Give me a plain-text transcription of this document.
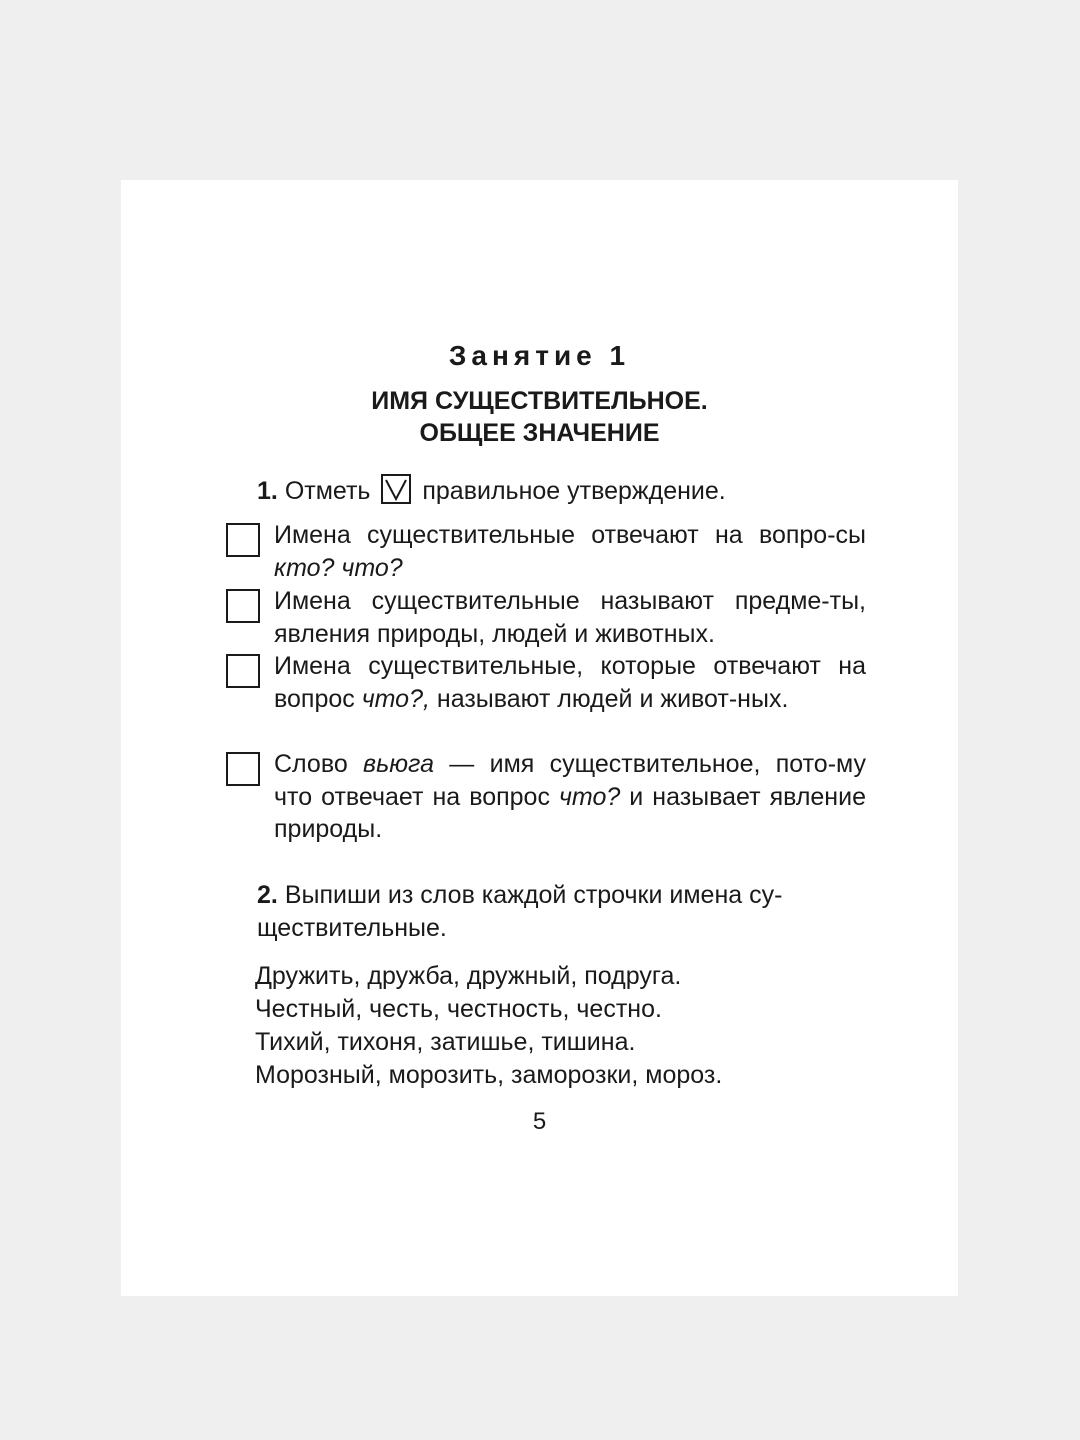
Занятие 1
ИМЯ СУЩЕСТВИТЕЛЬНОЕ.
ОБЩЕЕ ЗНАЧЕНИЕ
1. Отметь правильное утверждение.
Имена существительные отвечают на вопро-сы кто? что?
Имена существительные называют предме-ты, явления природы, людей и животных.
Имена существительные, которые отвечают на вопрос что?, называют людей и живот-ных.
Слово вьюга — имя существительное, пото-му что отвечает на вопрос что? и называет явление природы.
2. Выпиши из слов каждой строчки имена су-ществительные.
Дружить, дружба, дружный, подруга.
Честный, честь, честность, честно.
Тихий, тихоня, затишье, тишина.
Морозный, морозить, заморозки, мороз.
5
